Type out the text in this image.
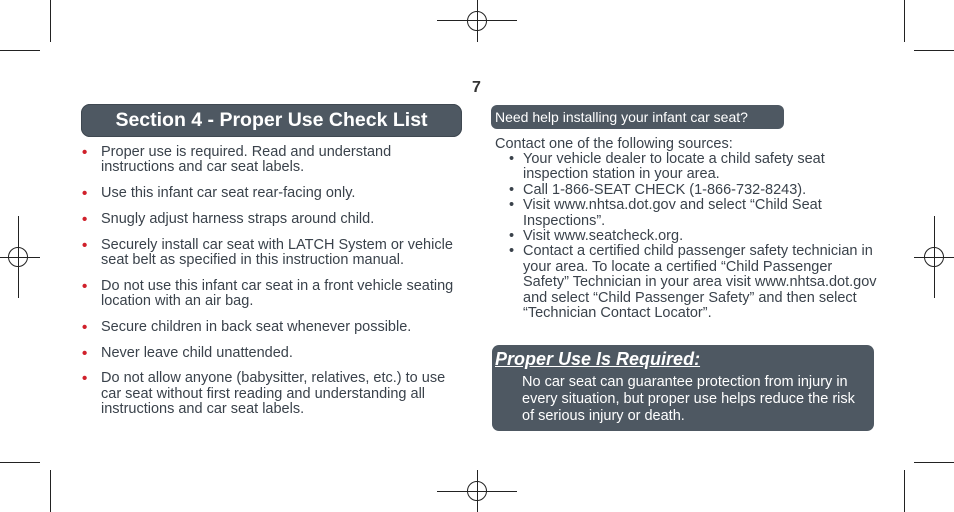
7
Section 4 - Proper Use Check List
• Proper use is required. Read and understand instructions and car seat labels.
• Use this infant car seat rear-facing only.
• Snugly adjust harness straps around child.
• Securely install car seat with LATCH System or vehicle seat belt as specified in this instruction manual.
• Do not use this infant car seat in a front vehicle seating location with an air bag.
• Secure children in back seat whenever possible.
• Never leave child unattended.
• Do not allow anyone (babysitter, relatives, etc.) to use car seat without first reading and understanding all instructions and car seat labels.
Need help installing your infant car seat?
Contact one of the following sources:
• Your vehicle dealer to locate a child safety seat inspection station in your area.
• Call 1-866-SEAT CHECK (1-866-732-8243).
• Visit www.nhtsa.dot.gov and select “Child Seat Inspections”.
• Visit www.seatcheck.org.
• Contact a certified child passenger safety technician in your area. To locate a certified “Child Passenger Safety” Technician in your area visit www.nhtsa.dot.gov and select “Child Passenger Safety” and then select “Technician Contact Locator”.
Proper Use Is Required:
No car seat can guarantee protection from injury in every situation, but proper use helps reduce the risk of serious injury or death.
